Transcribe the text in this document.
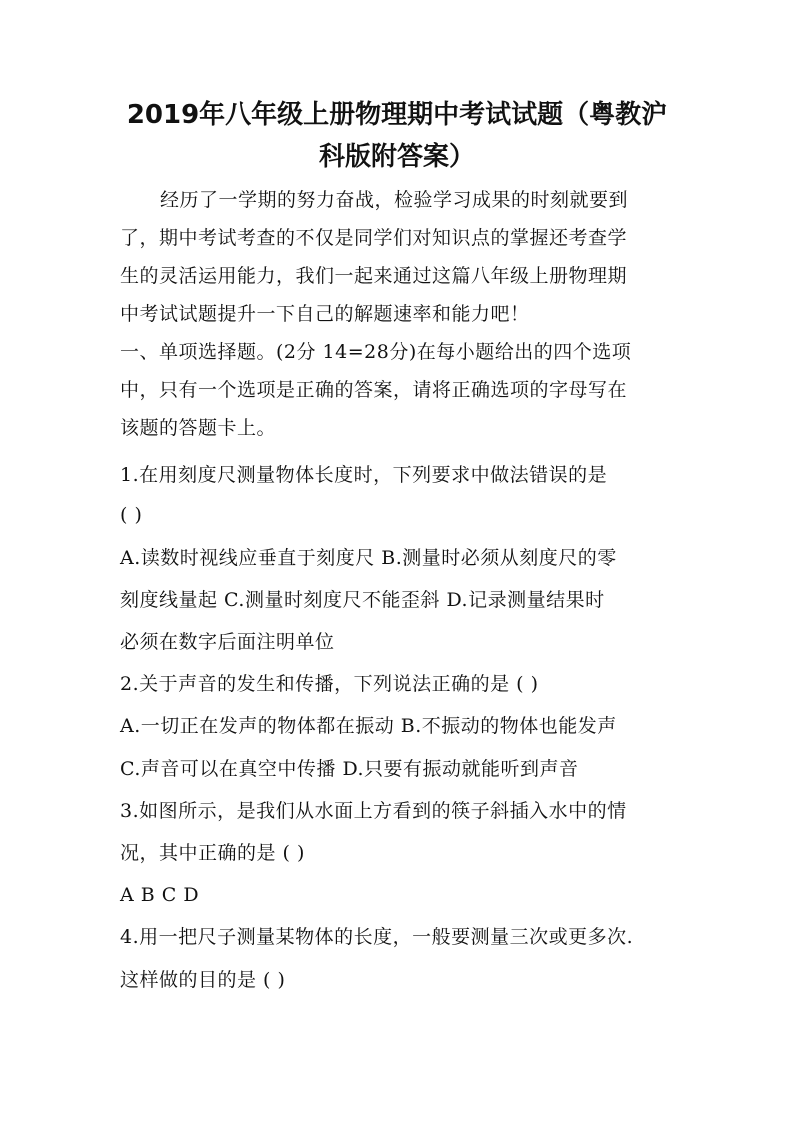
2019年八年级上册物理期中考试试题（粤教沪
科版附答案）

经历了一学期的努力奋战，检验学习成果的时刻就要到

了，期中考试考查的不仅是同学们对知识点的掌握还考查学

生的灵活运用能力，我们一起来通过这篇八年级上册物理期

中考试试题提升一下自己的解题速率和能力吧！

一、单项选择题。(2分 14=28分)在每小题给出的四个选项

中，只有一个选项是正确的答案，请将正确选项的字母写在

该题的答题卡上。

1.在用刻度尺测量物体长度时，下列要求中做法错误的是

( )

A.读数时视线应垂直于刻度尺 B.测量时必须从刻度尺的零

刻度线量起 C.测量时刻度尺不能歪斜 D.记录测量结果时

必须在数字后面注明单位

2.关于声音的发生和传播，下列说法正确的是 ( )

A.一切正在发声的物体都在振动 B.不振动的物体也能发声

C.声音可以在真空中传播 D.只要有振动就能听到声音

3.如图所示，是我们从水面上方看到的筷子斜插入水中的情

况，其中正确的是 ( )

A B C D

4.用一把尺子测量某物体的长度，一般要测量三次或更多次.

这样做的目的是 ( )
